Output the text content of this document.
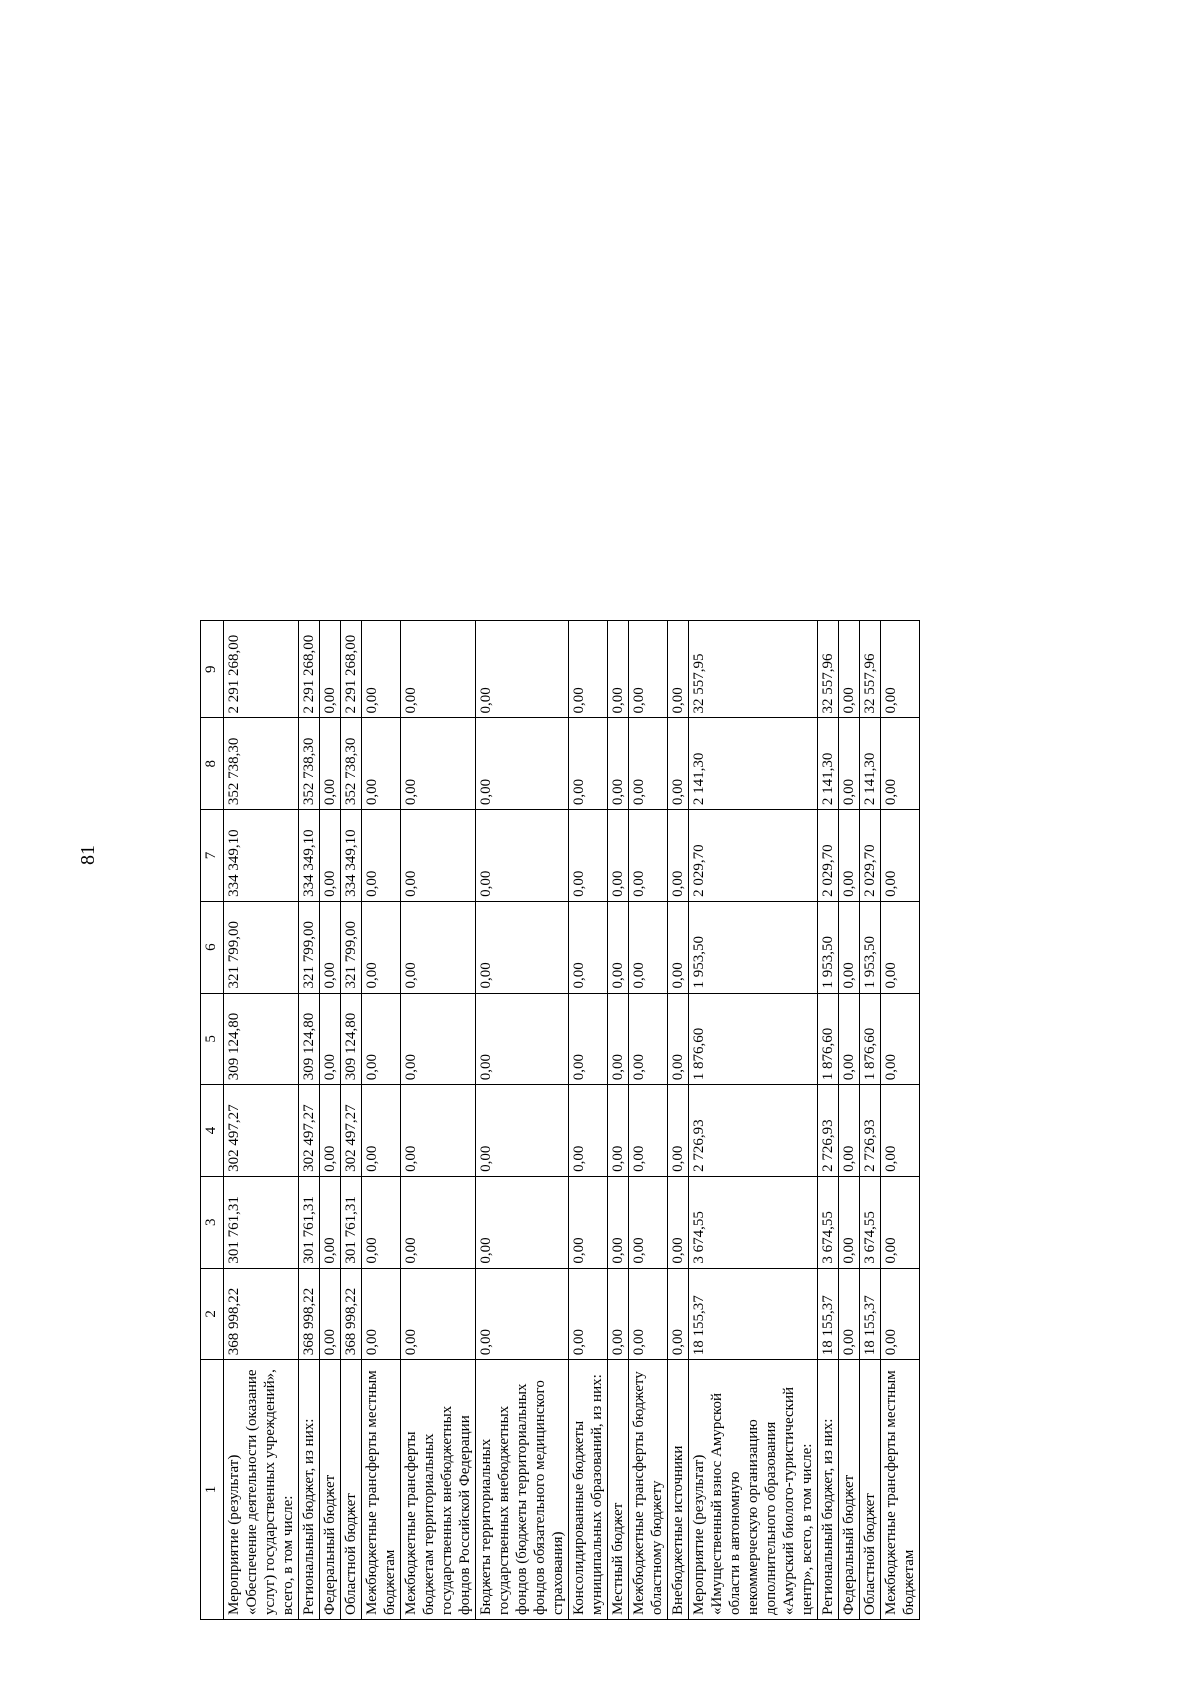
81
1	2	3	4	5	6	7	8	9
Мероприятие (результат) «Обеспечение деятельности (оказание услуг) государственных учреждений», всего, в том числе:	368 998,22	301 761,31	302 497,27	309 124,80	321 799,00	334 349,10	352 738,30	2 291 268,00
Региональный бюджет, из них:	368 998,22	301 761,31	302 497,27	309 124,80	321 799,00	334 349,10	352 738,30	2 291 268,00
Федеральный бюджет	0,00	0,00	0,00	0,00	0,00	0,00	0,00	0,00
Областной бюджет	368 998,22	301 761,31	302 497,27	309 124,80	321 799,00	334 349,10	352 738,30	2 291 268,00
Межбюджетные трансферты местным бюджетам	0,00	0,00	0,00	0,00	0,00	0,00	0,00	0,00
Межбюджетные трансферты бюджетам территориальных государственных внебюджетных фондов Российской Федерации	0,00	0,00	0,00	0,00	0,00	0,00	0,00	0,00
Бюджеты территориальных государственных внебюджетных фондов (бюджеты территориальных фондов обязательного медицинского страхования)	0,00	0,00	0,00	0,00	0,00	0,00	0,00	0,00
Консолидированные бюджеты муниципальных образований, из них:	0,00	0,00	0,00	0,00	0,00	0,00	0,00	0,00
Местный бюджет	0,00	0,00	0,00	0,00	0,00	0,00	0,00	0,00
Межбюджетные трансферты бюджету областному бюджету	0,00	0,00	0,00	0,00	0,00	0,00	0,00	0,00
Внебюджетные источники	0,00	0,00	0,00	0,00	0,00	0,00	0,00	0,00
Мероприятие (результат) «Имущественный взнос Амурской области в автономную некоммерческую организацию дополнительного образования «Амурский биолого-туристический центр», всего, в том числе:	18 155,37	3 674,55	2 726,93	1 876,60	1 953,50	2 029,70	2 141,30	32 557,95
Региональный бюджет, из них:	18 155,37	3 674,55	2 726,93	1 876,60	1 953,50	2 029,70	2 141,30	32 557,96
Федеральный бюджет	0,00	0,00	0,00	0,00	0,00	0,00	0,00	0,00
Областной бюджет	18 155,37	3 674,55	2 726,93	1 876,60	1 953,50	2 029,70	2 141,30	32 557,96
Межбюджетные трансферты местным бюджетам	0,00	0,00	0,00	0,00	0,00	0,00	0,00	0,00
